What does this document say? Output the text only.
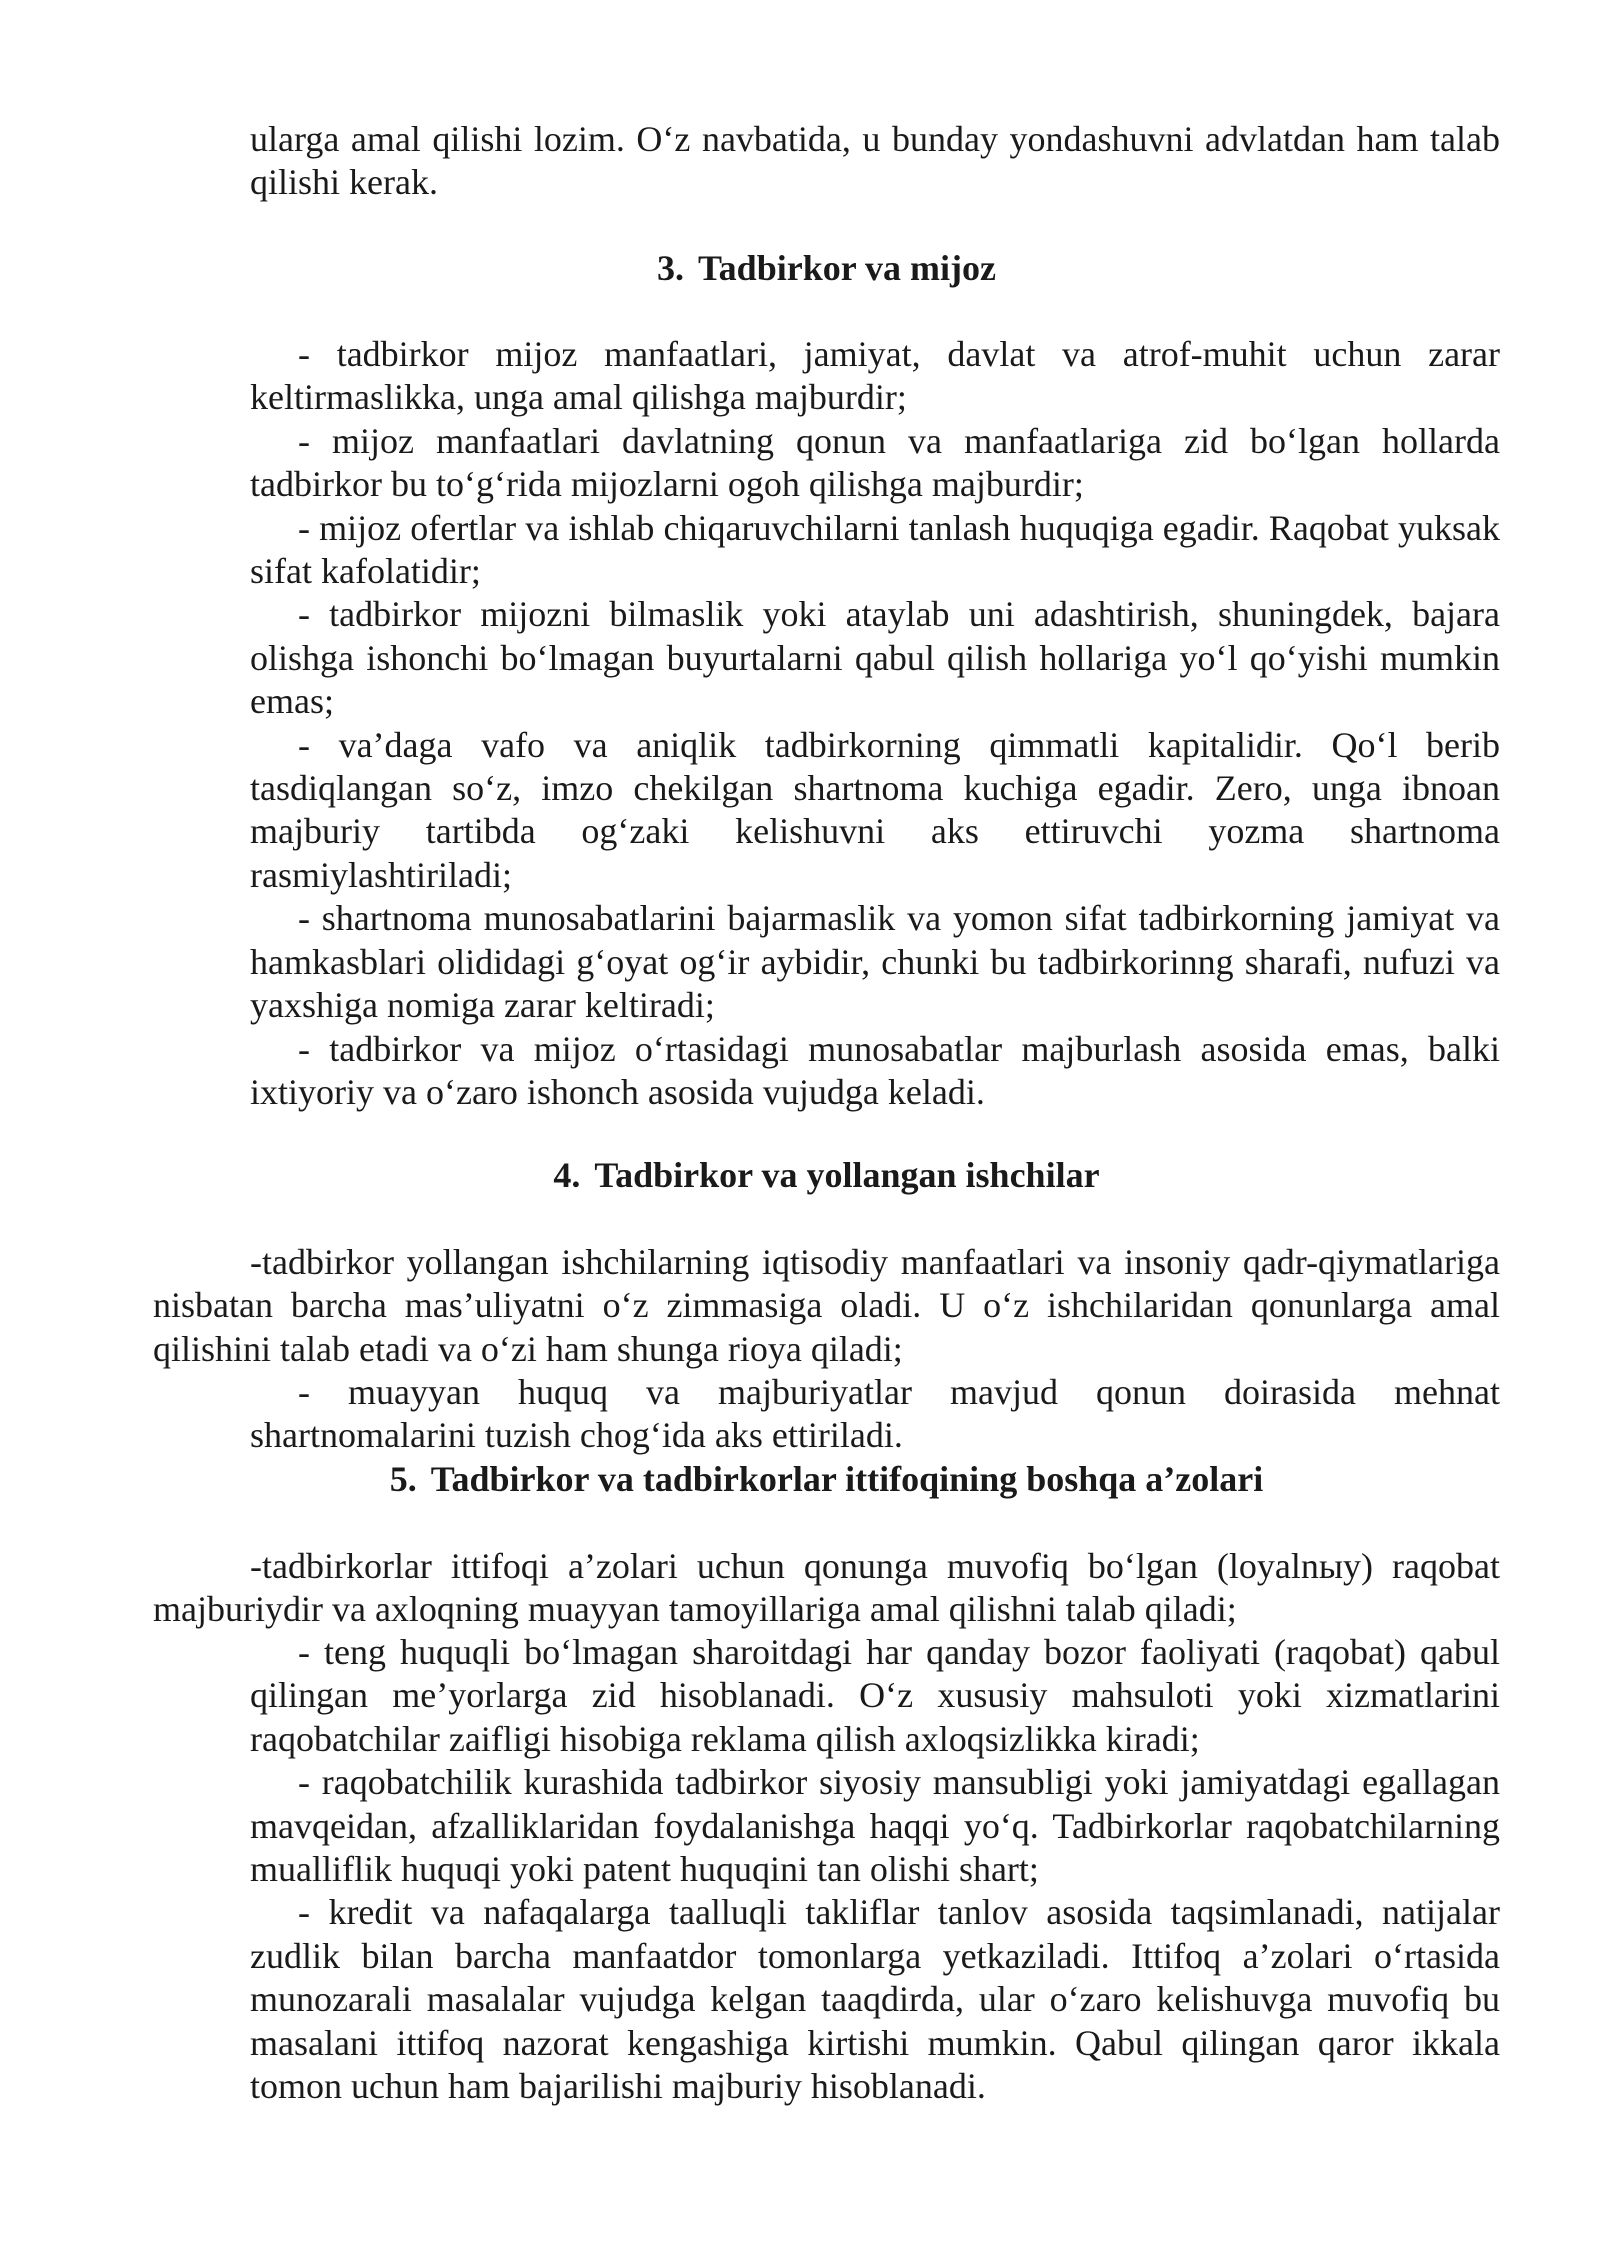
ularga amal qilishi lozim. O‘z navbatida, u bunday yondashuvni advlatdan ham talab qilishi kerak.

3. Tadbirkor va mijoz

- tadbirkor mijoz manfaatlari, jamiyat, davlat va atrof-muhit uchun zarar keltirmaslikka, unga amal qilishga majburdir;

- mijoz manfaatlari davlatning qonun va manfaatlariga zid bo‘lgan hollarda tadbirkor bu to‘g‘rida mijozlarni ogoh qilishga majburdir;

- mijoz ofertlar va ishlab chiqaruvchilarni tanlash huquqiga egadir. Raqobat yuksak sifat kafolatidir;

- tadbirkor mijozni bilmaslik yoki ataylab uni adashtirish, shuningdek, bajara olishga ishonchi bo‘lmagan buyurtalarni qabul qilish hollariga yo‘l qo‘yishi mumkin emas;

- va’daga vafo va aniqlik tadbirkorning qimmatli kapitalidir. Qo‘l berib tasdiqlangan so‘z, imzo chekilgan shartnoma kuchiga egadir. Zero, unga ibnoan majburiy tartibda og‘zaki kelishuvni aks ettiruvchi yozma shartnoma rasmiylashtiriladi;

- shartnoma munosabatlarini bajarmaslik va yomon sifat tadbirkorning jamiyat va hamkasblari olididagi g‘oyat og‘ir aybidir, chunki bu tadbirkorinng sharafi, nufuzi va yaxshiga nomiga zarar keltiradi;

- tadbirkor va mijoz o‘rtasidagi munosabatlar majburlash asosida emas, balki ixtiyoriy va o‘zaro ishonch asosida vujudga keladi.

4. Tadbirkor va yollangan ishchilar

-tadbirkor yollangan ishchilarning iqtisodiy manfaatlari va insoniy qadr-qiymatlariga nisbatan barcha mas’uliyatni o‘z zimmasiga oladi. U o‘z ishchilaridan qonunlarga amal qilishini talab etadi va o‘zi ham shunga rioya qiladi;

- muayyan huquq va majburiyatlar mavjud qonun doirasida mehnat shartnomalarini tuzish chog‘ida aks ettiriladi.

5. Tadbirkor va tadbirkorlar ittifoqining boshqa a’zolari

-tadbirkorlar ittifoqi a’zolari uchun qonunga muvofiq bo‘lgan (loyalnыy) raqobat majburiydir va axloqning muayyan tamoyillariga amal qilishni talab qiladi;

- teng huquqli bo‘lmagan sharoitdagi har qanday bozor faoliyati (raqobat) qabul qilingan me’yorlarga zid hisoblanadi. O‘z xususiy mahsuloti yoki xizmatlarini raqobatchilar zaifligi hisobiga reklama qilish axloqsizlikka kiradi;

- raqobatchilik kurashida tadbirkor siyosiy mansubligi yoki jamiyatdagi egallagan mavqeidan, afzalliklaridan foydalanishga haqqi yo‘q. Tadbirkorlar raqobatchilarning mualliflik huquqi yoki patent huquqini tan olishi shart;

- kredit va nafaqalarga taalluqli takliflar tanlov asosida taqsimlanadi, natijalar zudlik bilan barcha manfaatdor tomonlarga yetkaziladi. Ittifoq a’zolari o‘rtasida munozarali masalalar vujudga kelgan taaqdirda, ular o‘zaro kelishuvga muvofiq bu masalani ittifoq nazorat kengashiga kirtishi mumkin. Qabul qilingan qaror ikkala tomon uchun ham bajarilishi majburiy hisoblanadi.
